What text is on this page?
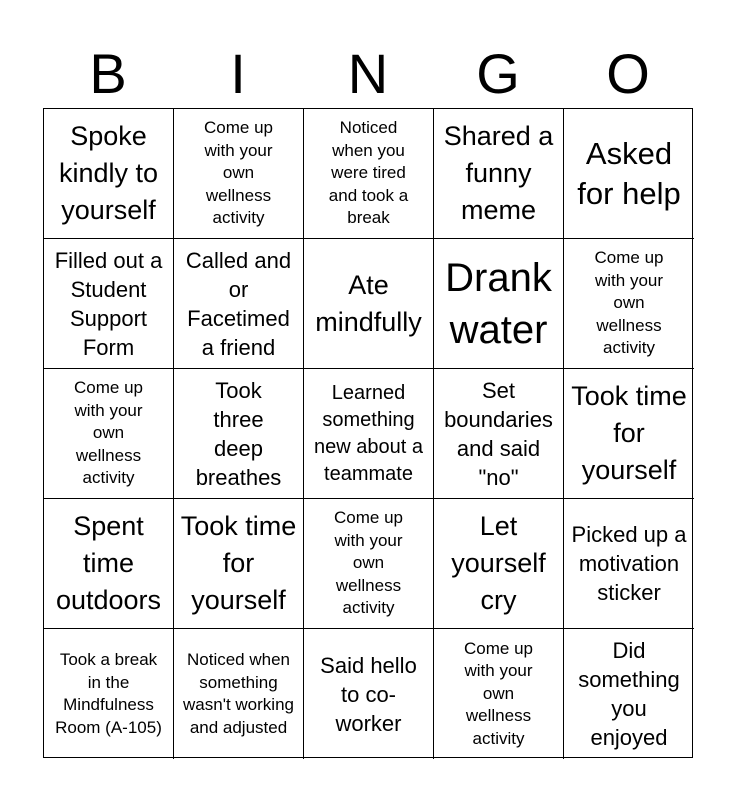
B	I	N	G	O
Spoke kindly to yourself
Come up with your own wellness activity
Noticed when you were tired and took a break
Shared a funny meme
Asked for help
Filled out a Student Support Form
Called and or Facetimed a friend
Ate mindfully
Drank water
Come up with your own wellness activity
Come up with your own wellness activity
Took three deep breathes
Learned something new about a teammate
Set boundaries and said "no"
Took time for yourself
Spent time outdoors
Took time for yourself
Come up with your own wellness activity
Let yourself cry
Picked up a motivation sticker
Took a break in the Mindfulness Room (A-105)
Noticed when something wasn't working and adjusted
Said hello to co-worker
Come up with your own wellness activity
Did something you enjoyed
